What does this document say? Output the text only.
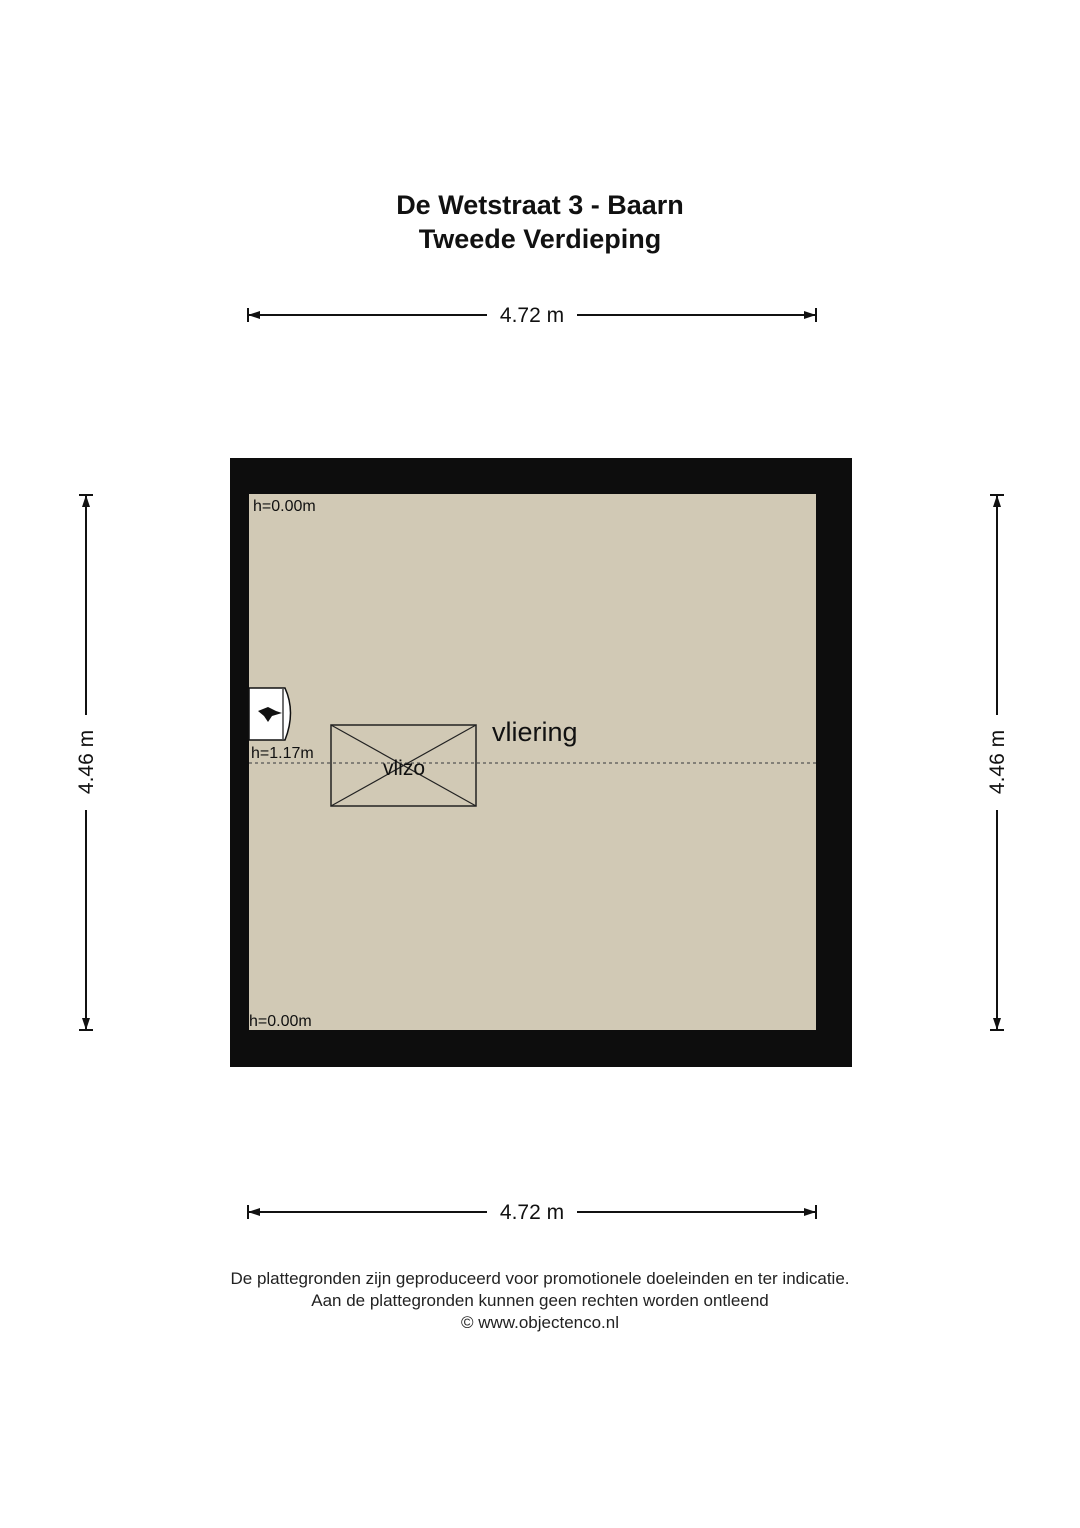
De Wetstraat 3 - Baarn
Tweede Verdieping
4.72 m
4.72 m
4.46 m	4.46 m
vlizo
h=0.00m
h=1.17m
h=0.00m
vliering
De plattegronden zijn geproduceerd voor promotionele doeleinden en ter indicatie.
Aan de plattegronden kunnen geen rechten worden ontleend
© www.objectenco.nl
